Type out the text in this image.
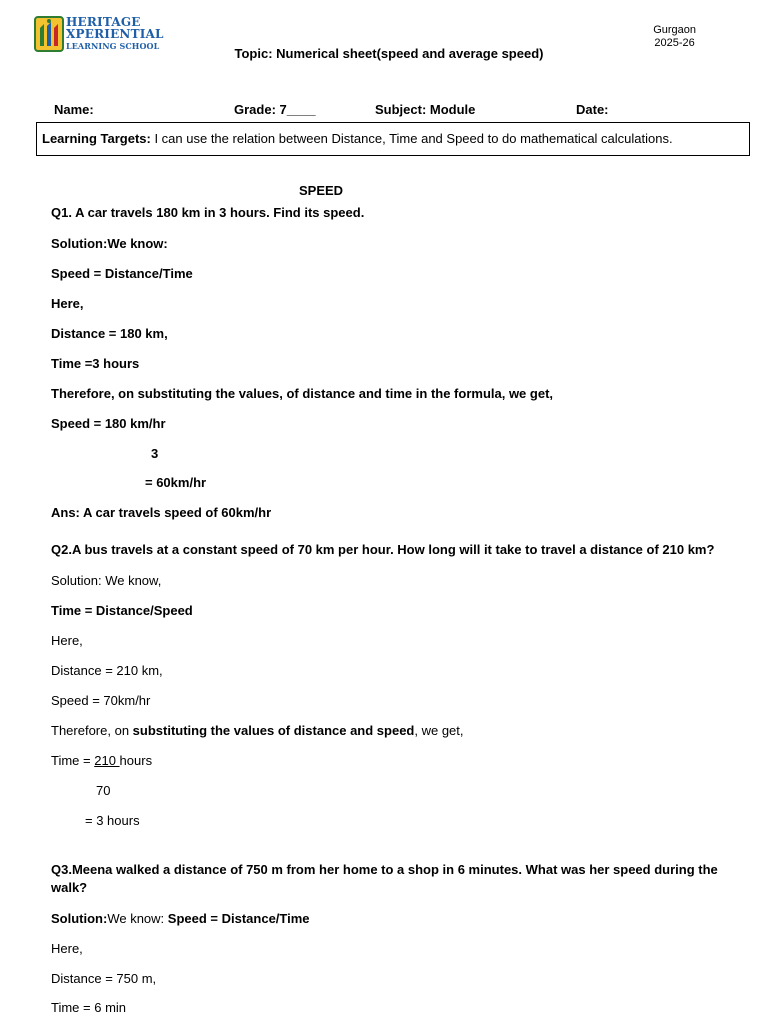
HERITAGE
XPERIENTIAL
LEARNING SCHOOL
Gurgaon
2025-26
Topic: Numerical sheet(speed and average speed)
Name:	Grade: 7____	Subject: Module	Date:
Learning Targets: I can use the relation between Distance, Time and Speed to do mathematical calculations.
SPEED
Q1. A car travels 180 km in 3 hours. Find its speed.
Solution:We know:
Speed = Distance/Time
Here,
Distance = 180 km,
Time =3 hours
Therefore, on substituting the values, of distance and time in the formula, we get,
Speed = 180 km/hr
3
= 60km/hr
Ans: A car travels speed of 60km/hr
Q2.A bus travels at a constant speed of 70 km per hour. How long will it take to travel a distance of 210 km?
Solution: We know,
Time = Distance/Speed
Here,
Distance = 210 km,
Speed = 70km/hr
Therefore, on substituting the values of distance and speed, we get,
Time = 210 hours
70
= 3 hours
Q3.Meena walked a distance of 750 m from her home to a shop in 6 minutes. What was her speed during the
walk?
Solution:We know: Speed = Distance/Time
Here,
Distance = 750 m,
Time = 6 min
